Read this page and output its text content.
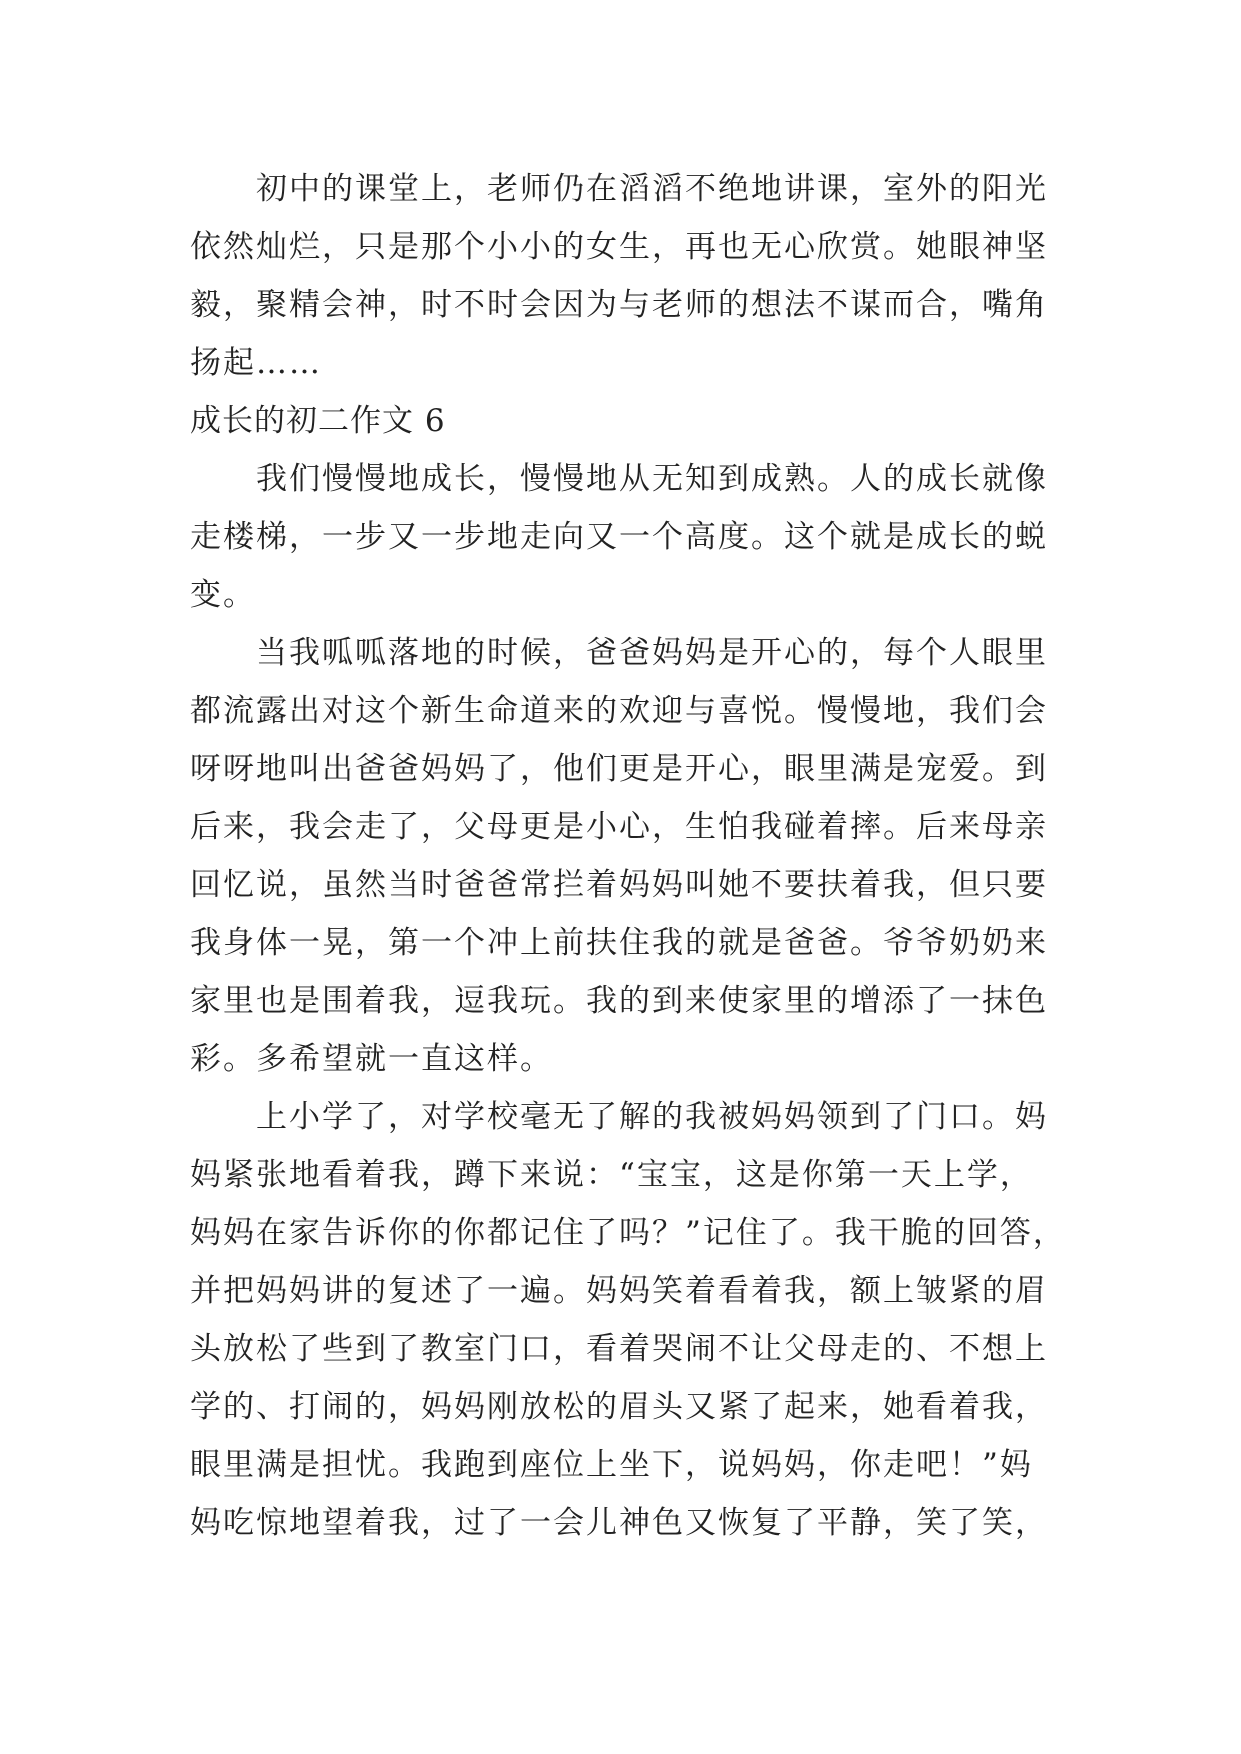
初中的课堂上，老师仍在滔滔不绝地讲课，室外的阳光
依然灿烂，只是那个小小的女生，再也无心欣赏。她眼神坚
毅，聚精会神，时不时会因为与老师的想法不谋而合，嘴角
扬起……
成长的初二作文 6
我们慢慢地成长，慢慢地从无知到成熟。人的成长就像
走楼梯，一步又一步地走向又一个高度。这个就是成长的蜕
变。
当我呱呱落地的时候，爸爸妈妈是开心的，每个人眼里
都流露出对这个新生命道来的欢迎与喜悦。慢慢地，我们会
呀呀地叫出爸爸妈妈了，他们更是开心，眼里满是宠爱。到
后来，我会走了，父母更是小心，生怕我碰着摔。后来母亲
回忆说，虽然当时爸爸常拦着妈妈叫她不要扶着我，但只要
我身体一晃，第一个冲上前扶住我的就是爸爸。爷爷奶奶来
家里也是围着我，逗我玩。我的到来使家里的增添了一抹色
彩。多希望就一直这样。
上小学了，对学校毫无了解的我被妈妈领到了门口。妈
妈紧张地看着我，蹲下来说：“宝宝，这是你第一天上学，
妈妈在家告诉你的你都记住了吗？”记住了。我干脆的回答，
并把妈妈讲的复述了一遍。妈妈笑着看着我，额上皱紧的眉
头放松了些到了教室门口，看着哭闹不让父母走的、不想上
学的、打闹的，妈妈刚放松的眉头又紧了起来，她看着我，
眼里满是担忧。我跑到座位上坐下，说妈妈，你走吧！”妈
妈吃惊地望着我，过了一会儿神色又恢复了平静，笑了笑，
